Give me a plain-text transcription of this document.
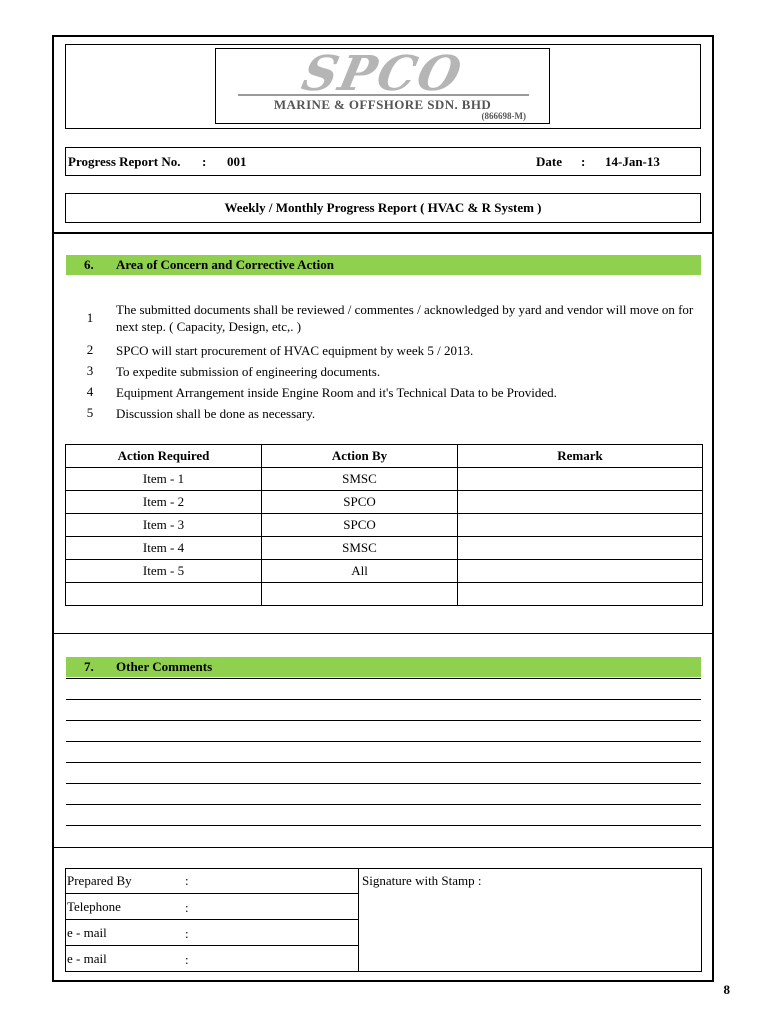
SPCO
MARINE & OFFSHORE SDN. BHD
(866698-M)
Progress Report No. : 001	Date : 14-Jan-13
Weekly / Monthly Progress Report ( HVAC & R System )
6. Area of Concern and Corrective Action
1
The submitted documents shall be reviewed / commentes / acknowledged by yard and vendor will move on for next step. ( Capacity, Design, etc,. )
2	SPCO will start procurement of HVAC equipment by week 5 / 2013.
3	To expedite submission of engineering documents.
4	Equipment Arrangement inside Engine Room and it's Technical Data to be Provided.
5	Discussion shall be done as necessary.
Action Required	Action By	Remark
Item - 1	SMSC	
Item - 2	SPCO	
Item - 3	SPCO	
Item - 4	SMSC	
Item - 5	All	

7. Other Comments
Prepared By	:
Telephone	:
e - mail	:
e - mail	:
Signature with Stamp :
8
